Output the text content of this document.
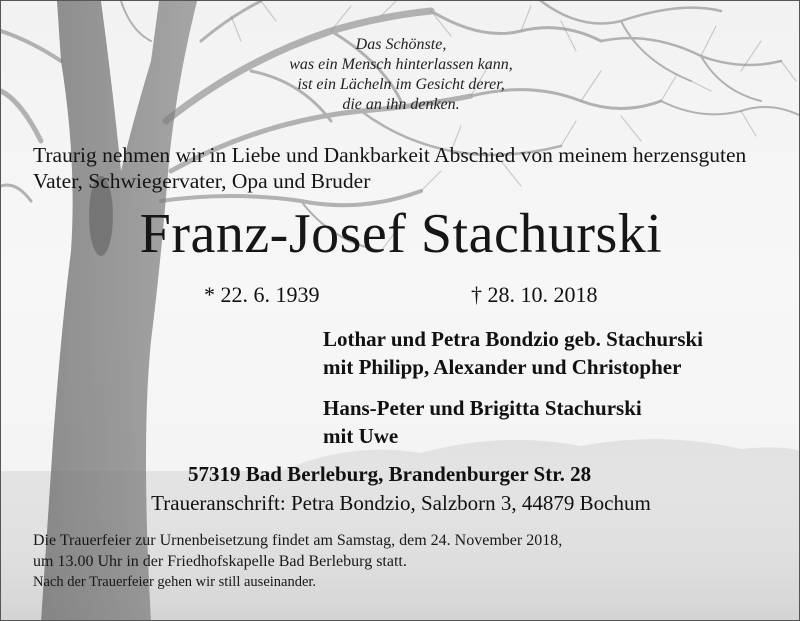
Das Schönste,
was ein Mensch hinterlassen kann,
ist ein Lächeln im Gesicht derer,
die an ihn denken.
Traurig nehmen wir in Liebe und Dankbarkeit Abschied von meinem herzensguten
Vater, Schwiegervater, Opa und Bruder
Franz-Josef Stachurski
* 22. 6. 1939	† 28. 10. 2018
Lothar und Petra Bondzio geb. Stachurski
mit Philipp, Alexander und Christopher
Hans-Peter und Brigitta Stachurski
mit Uwe
57319 Bad Berleburg, Brandenburger Str. 28
Traueranschrift: Petra Bondzio, Salzborn 3, 44879 Bochum
Die Trauerfeier zur Urnenbeisetzung findet am Samstag, dem 24. November 2018,
um 13.00 Uhr in der Friedhofskapelle Bad Berleburg statt.
Nach der Trauerfeier gehen wir still auseinander.
